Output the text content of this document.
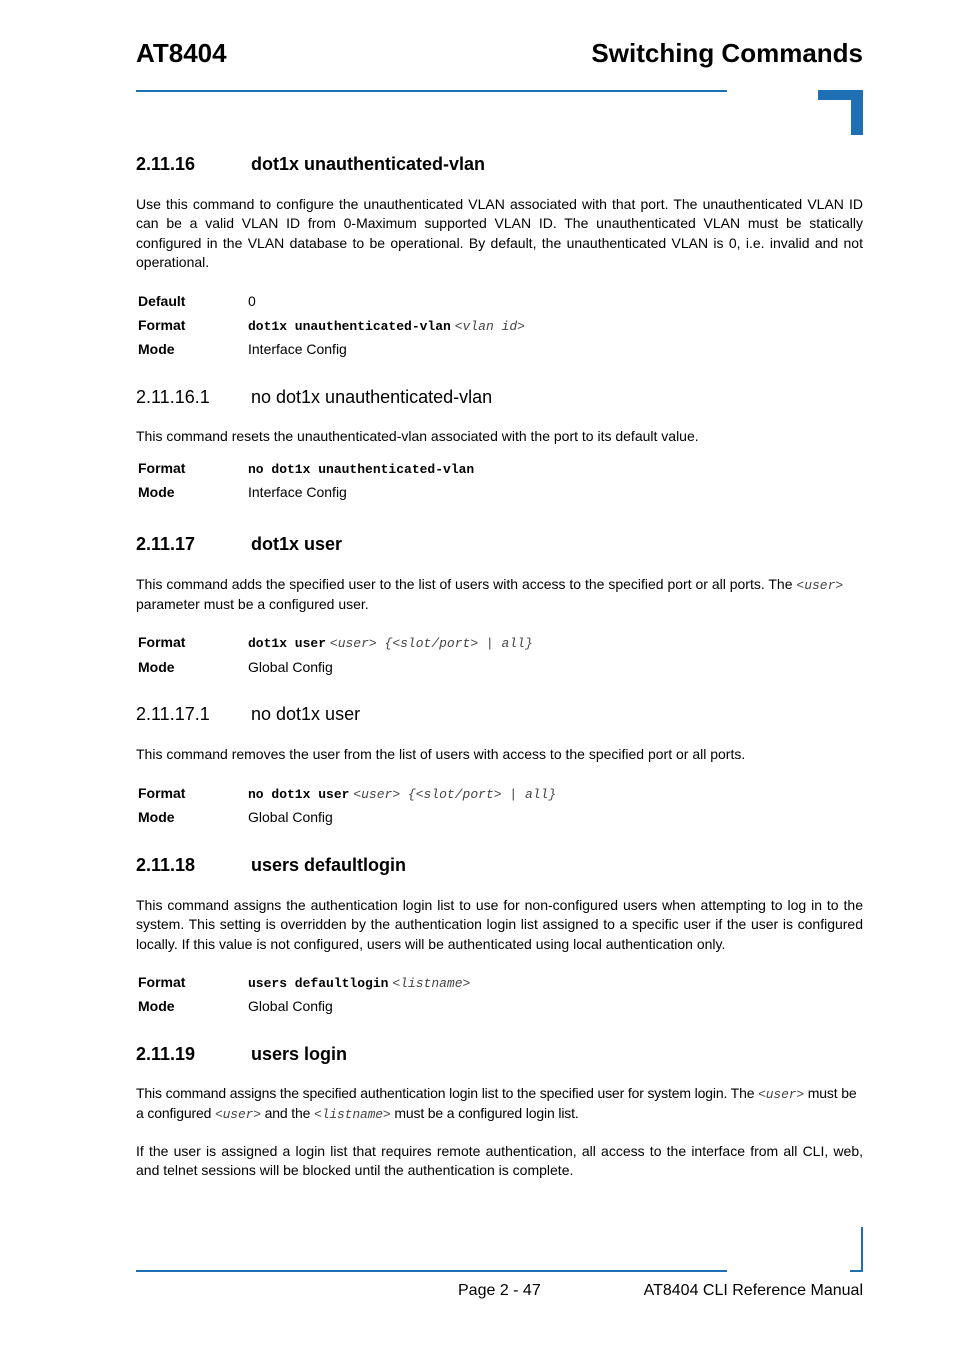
AT8404	Switching Commands
2.11.16	dot1x unauthenticated-vlan
Use this command to configure the unauthenticated VLAN associated with that port. The unauthenticated VLAN ID can be a valid VLAN ID from 0-Maximum supported VLAN ID. The unauthenticated VLAN must be statically configured in the VLAN database to be operational. By default, the unauthenticated VLAN is 0, i.e. invalid and not operational.
Default	0
Format	dot1x unauthenticated-vlan <vlan id>
Mode	Interface Config
2.11.16.1 no dot1x unauthenticated-vlan
This command resets the unauthenticated-vlan associated with the port to its default value.
Format	no dot1x unauthenticated-vlan
Mode	Interface Config
2.11.17	dot1x user
This command adds the specified user to the list of users with access to the specified port or all ports. The <user>
parameter must be a configured user.
Format	dot1x user <user> {<slot/port> | all}
Mode	Global Config
2.11.17.1 no dot1x user
This command removes the user from the list of users with access to the specified port or all ports.
Format	no dot1x user <user> {<slot/port> | all}
Mode	Global Config
2.11.18	users defaultlogin
This command assigns the authentication login list to use for non-configured users when attempting to log in to the system. This setting is overridden by the authentication login list assigned to a specific user if the user is configured locally. If this value is not configured, users will be authenticated using local authentication only.
Format	users defaultlogin <listname>
Mode	Global Config
2.11.19	users login
This command assigns the specified authentication login list to the specified user for system login. The <user> must be a configured <user> and the <listname> must be a configured login list.
If the user is assigned a login list that requires remote authentication, all access to the interface from all CLI, web, and telnet sessions will be blocked until the authentication is complete.
Page 2 - 47	AT8404 CLI Reference Manual
